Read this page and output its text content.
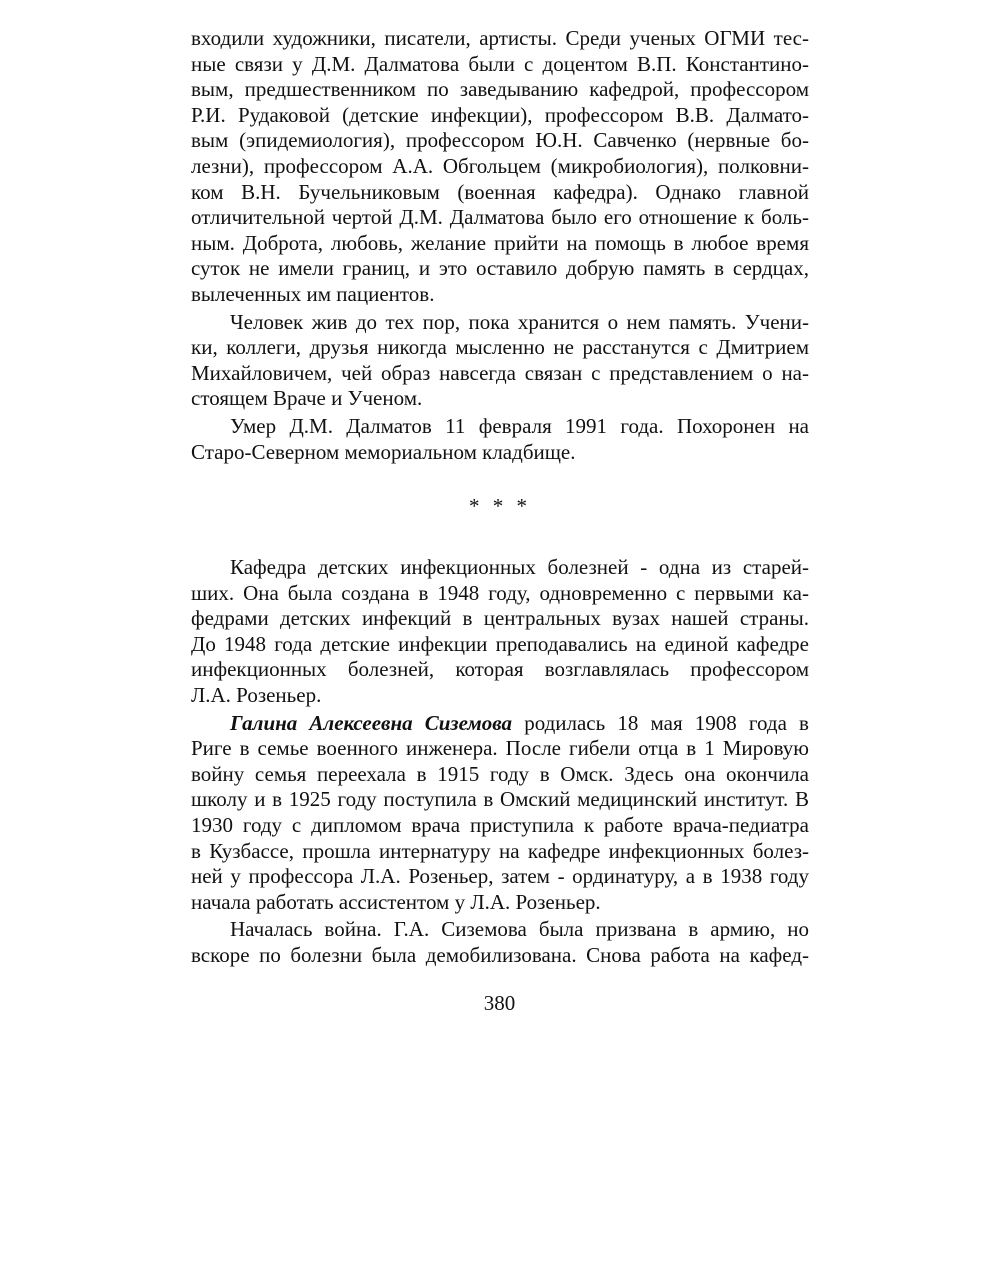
входили художники, писатели, артисты. Среди ученых ОГМИ тес-
ные связи у Д.М. Далматова были с доцентом В.П. Константино-
вым, предшественником по заведыванию кафедрой, профессором
Р.И. Рудаковой (детские инфекции), профессором В.В. Далмато-
вым (эпидемиология), профессором Ю.Н. Савченко (нервные бо-
лезни), профессором А.А. Обгольцем (микробиология), полковни-
ком В.Н. Бучельниковым (военная кафедра). Однако главной
отличительной чертой Д.М. Далматова было его отношение к боль-
ным. Доброта, любовь, желание прийти на помощь в любое время
суток не имели границ, и это оставило добрую память в сердцах,
вылеченных им пациентов.
Человек жив до тех пор, пока хранится о нем память. Учени-
ки, коллеги, друзья никогда мысленно не расстанутся с Дмитрием
Михайловичем, чей образ навсегда связан с представлением о на-
стоящем Враче и Ученом.
Умер Д.М. Далматов 11 февраля 1991 года. Похоронен на
Старо-Северном мемориальном кладбище.
* * *
Кафедра детских инфекционных болезней - одна из старей-
ших. Она была создана в 1948 году, одновременно с первыми ка-
федрами детских инфекций в центральных вузах нашей страны.
До 1948 года детские инфекции преподавались на единой кафедре
инфекционных болезней, которая возглавлялась профессором
Л.А. Розеньер.
Галина Алексеевна Сиземова родилась 18 мая 1908 года в
Риге в семье военного инженера. После гибели отца в 1 Мировую
войну семья переехала в 1915 году в Омск. Здесь она окончила
школу и в 1925 году поступила в Омский медицинский институт. В
1930 году с дипломом врача приступила к работе врача-педиатра
в Кузбассе, прошла интернатуру на кафедре инфекционных болез-
ней у профессора Л.А. Розеньер, затем - ординатуру, а в 1938 году
начала работать ассистентом у Л.А. Розеньер.
Началась война. Г.А. Сиземова была призвана в армию, но
вскоре по болезни была демобилизована. Снова работа на кафед-
380
